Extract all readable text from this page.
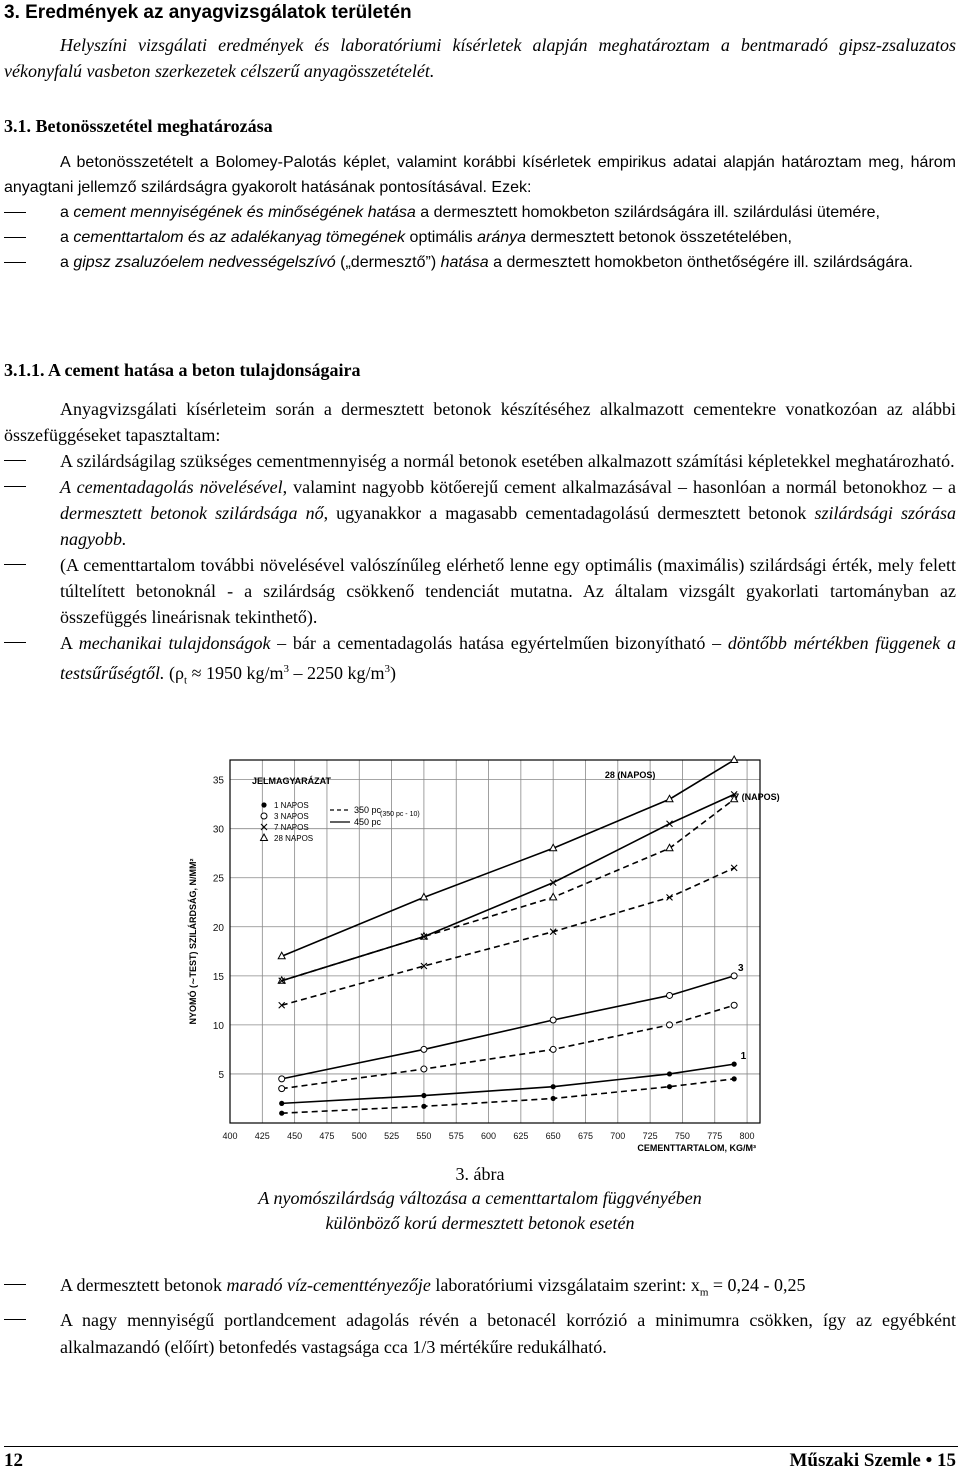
3. Eredmények az anyagvizsgálatok területén
Helyszíni vizsgálati eredmények és laboratóriumi kísérletek alapján meghatároztam a bentmaradó gipsz-zsaluzatos vékonyfalú vasbeton szerkezetek célszerű anyagösszetételét.
3.1. Betonösszetétel meghatározása
A betonösszetételt a Bolomey-Palotás képlet, valamint korábbi kísérletek empirikus adatai alapján határoztam meg, három anyagtani jellemző szilárdságra gyakorolt hatásának pontosításával. Ezek:
a cement mennyiségének és minőségének hatása a dermesztett homokbeton szilárdságára ill. szilárdulási ütemére,
a cementtartalom és az adalékanyag tömegének optimális aránya dermesztett betonok összetételében,
a gipsz zsaluzóelem nedvességelszívó („dermesztő”) hatása a dermesztett homokbeton önthetőségére ill. szilárdságára.
3.1.1. A cement hatása a beton tulajdonságaira
Anyagvizsgálati kísérleteim során a dermesztett betonok készítéséhez alkalmazott cementekre vonatkozóan az alábbi összefüggéseket tapasztaltam:
A szilárdságilag szükséges cementmennyiség a normál betonok esetében alkalmazott számítási képletekkel meghatározható.
A cementadagolás növelésével, valamint nagyobb kötőerejű cement alkalmazásával – hasonlóan a normál betonokhoz – a dermesztett betonok szilárdsága nő, ugyanakkor a magasabb cementadagolású dermesztett betonok szilárdsági szórása nagyobb.
(A cementtartalom további növelésével valószínűleg elérhető lenne egy optimális (maximális) szilárdsági érték, mely felett túltelített betonoknál - a szilárdság csökkenő tendenciát mutatna. Az általam vizsgált gyakorlati tartományban az összefüggés lineárisnak tekinthető).
A mechanikai tulajdonságok – bár a cementadagolás hatása egyértelműen bizonyítható – döntőbb mértékben függenek a testsűrűségtől. ($\rho_t \approx 1950$ $kg/m^3 - 2250$ $kg/m^3$)
400 425 450 475 500 525 550 575 600 625 650 675 700 725 750 775 800
5
10
15
20
25
30
35
CEMENTTARTALOM, KG/M³
NYOMÓ (∼TEST) SZILÁRDSÁG, N/MM²
JELMAGYARÁZAT
1 NAPOS
3 NAPOS
7 NAPOS
28 NAPOS
350 pc
450 pc
(350 pc - 10)
28 (NAPOS)
7 (NAPOS)
3
1
3. ábra
A nyomószilárdság változása a cementtartalom függvényében
különböző korú dermesztett betonok esetén
A dermesztett betonok maradó víz-cementtényezője laboratóriumi vizsgálataim szerint: $x_m = 0,24 - 0,25$
A nagy mennyiségű portlandcement adagolás révén a betonacél korrózió a minimumra csökken, így az egyébként alkalmazandó (előírt) betonfedés vastagsága cca 1/3 mértékűre redukálható.
12	Műszaki Szemle • 15
